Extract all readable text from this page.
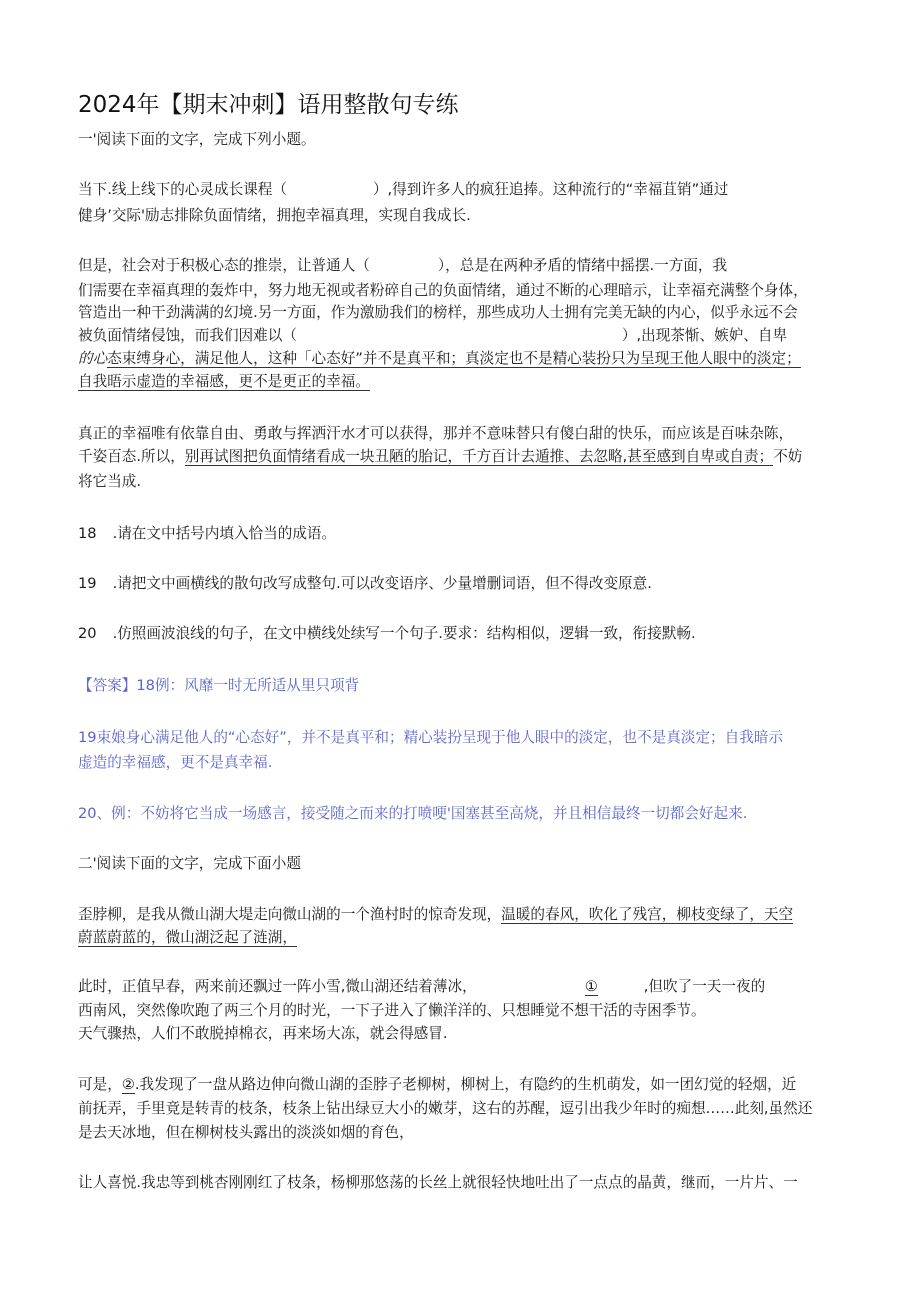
2024年【期末冲刺】语用整散句专练
一'阅读下面的文字，完成下列小题。
当下.线上线下的心灵成长课程（	）,得到许多人的疯狂追捧。这种流行的“幸福苴销”通过
健身’交际'励志排除负面情绪，拥抱幸福真理，实现自我成长.
但是，社会对于积极心态的推崇，让普通人（	），总是在两种矛盾的情绪中摇摆.一方面，我
们需要在幸福真理的轰炸中，努力地无视或者粉碎自己的负面情绪，通过不断的心理暗示，让幸福充满整个身体，
管造出一种干劲满满的幻境.另一方面，作为激励我们的榜样，那些成功人士拥有完美无缺的内心，似乎永远不会
被负面情绪侵蚀，而我们因难以（	）,出现茶惭、嫉妒、自卑
的心态束缚身心，满足他人，这种「心态好”并不是真平和；真淡定也不是精心装扮只为呈现王他人眼中的淡定；
自我晤示虚造的幸福感，更不是更正的幸福。
真正的幸福唯有依靠自由、勇敢与挥洒汗水才可以获得，那并不意味替只有傻白甜的快乐，而应该是百味杂陈，
千姿百态.所以，别再试图把负面情绪看成一块丑陋的胎记，千方百计去遁推、去忽略,甚至感到自卑或自责；不妨
将它当成.
18 .请在文中括号内填入恰当的成语。
19 .请把文中画横线的散句改写成整句.可以改变语序、少量增删词语，但不得改变原意.
20 .仿照画波浪线的句子，在文中横线处续写一个句子.要求：结构相似，逻辑一致，衔接默畅.
【答案】18例：风靡一时无所适从里只项背
19束娘身心满足他人的“心态好”，并不是真平和；精心装扮呈现于他人眼中的淡定，也不是真淡定；自我暗示
虚造的幸福感，更不是真幸福.
20、例：不妨将它当成一场感言，接受随之而来的打喷哽'国塞甚至高烧，并且相信最终一切都会好起来.
二'阅读下面的文字，完成下面小题
歪脖柳，是我从微山湖大堤走向微山湖的一个渔村时的惊奇发现，温暖的春风，吹化了残宫，柳枝变绿了，天空
蔚蓝蔚蓝的，微山湖泛起了涟湖，
此时，正值早春，两来前还飘过一阵小雪,微山湖还结着薄冰，	①	,但吹了一天一夜的
西南风，突然像吹跑了两三个月的时光，一下子进入了懒洋洋的、只想睡觉不想干活的寺困季节。
天气骤热，人们不敢脱掉棉衣，再来场大冻，就会得感冒.
可是，②.我发现了一盘从路边伸向微山湖的歪脖子老柳树，柳树上，有隐约的生机萌发，如一团幻觉的轻烟，近
前抚弄，手里竟是转青的枝条，枝条上钻出绿豆大小的嫩芽，这右的苏醒，逗引出我少年时的痴想……此刻,虽然还
是去天冰地，但在柳树枝头露出的淡淡如烟的育色，
让人喜悦.我忠等到桃杏刚刚红了枝条，杨柳那悠荡的长丝上就很轻快地吐出了一点点的晶黄，继而，一片片、一
